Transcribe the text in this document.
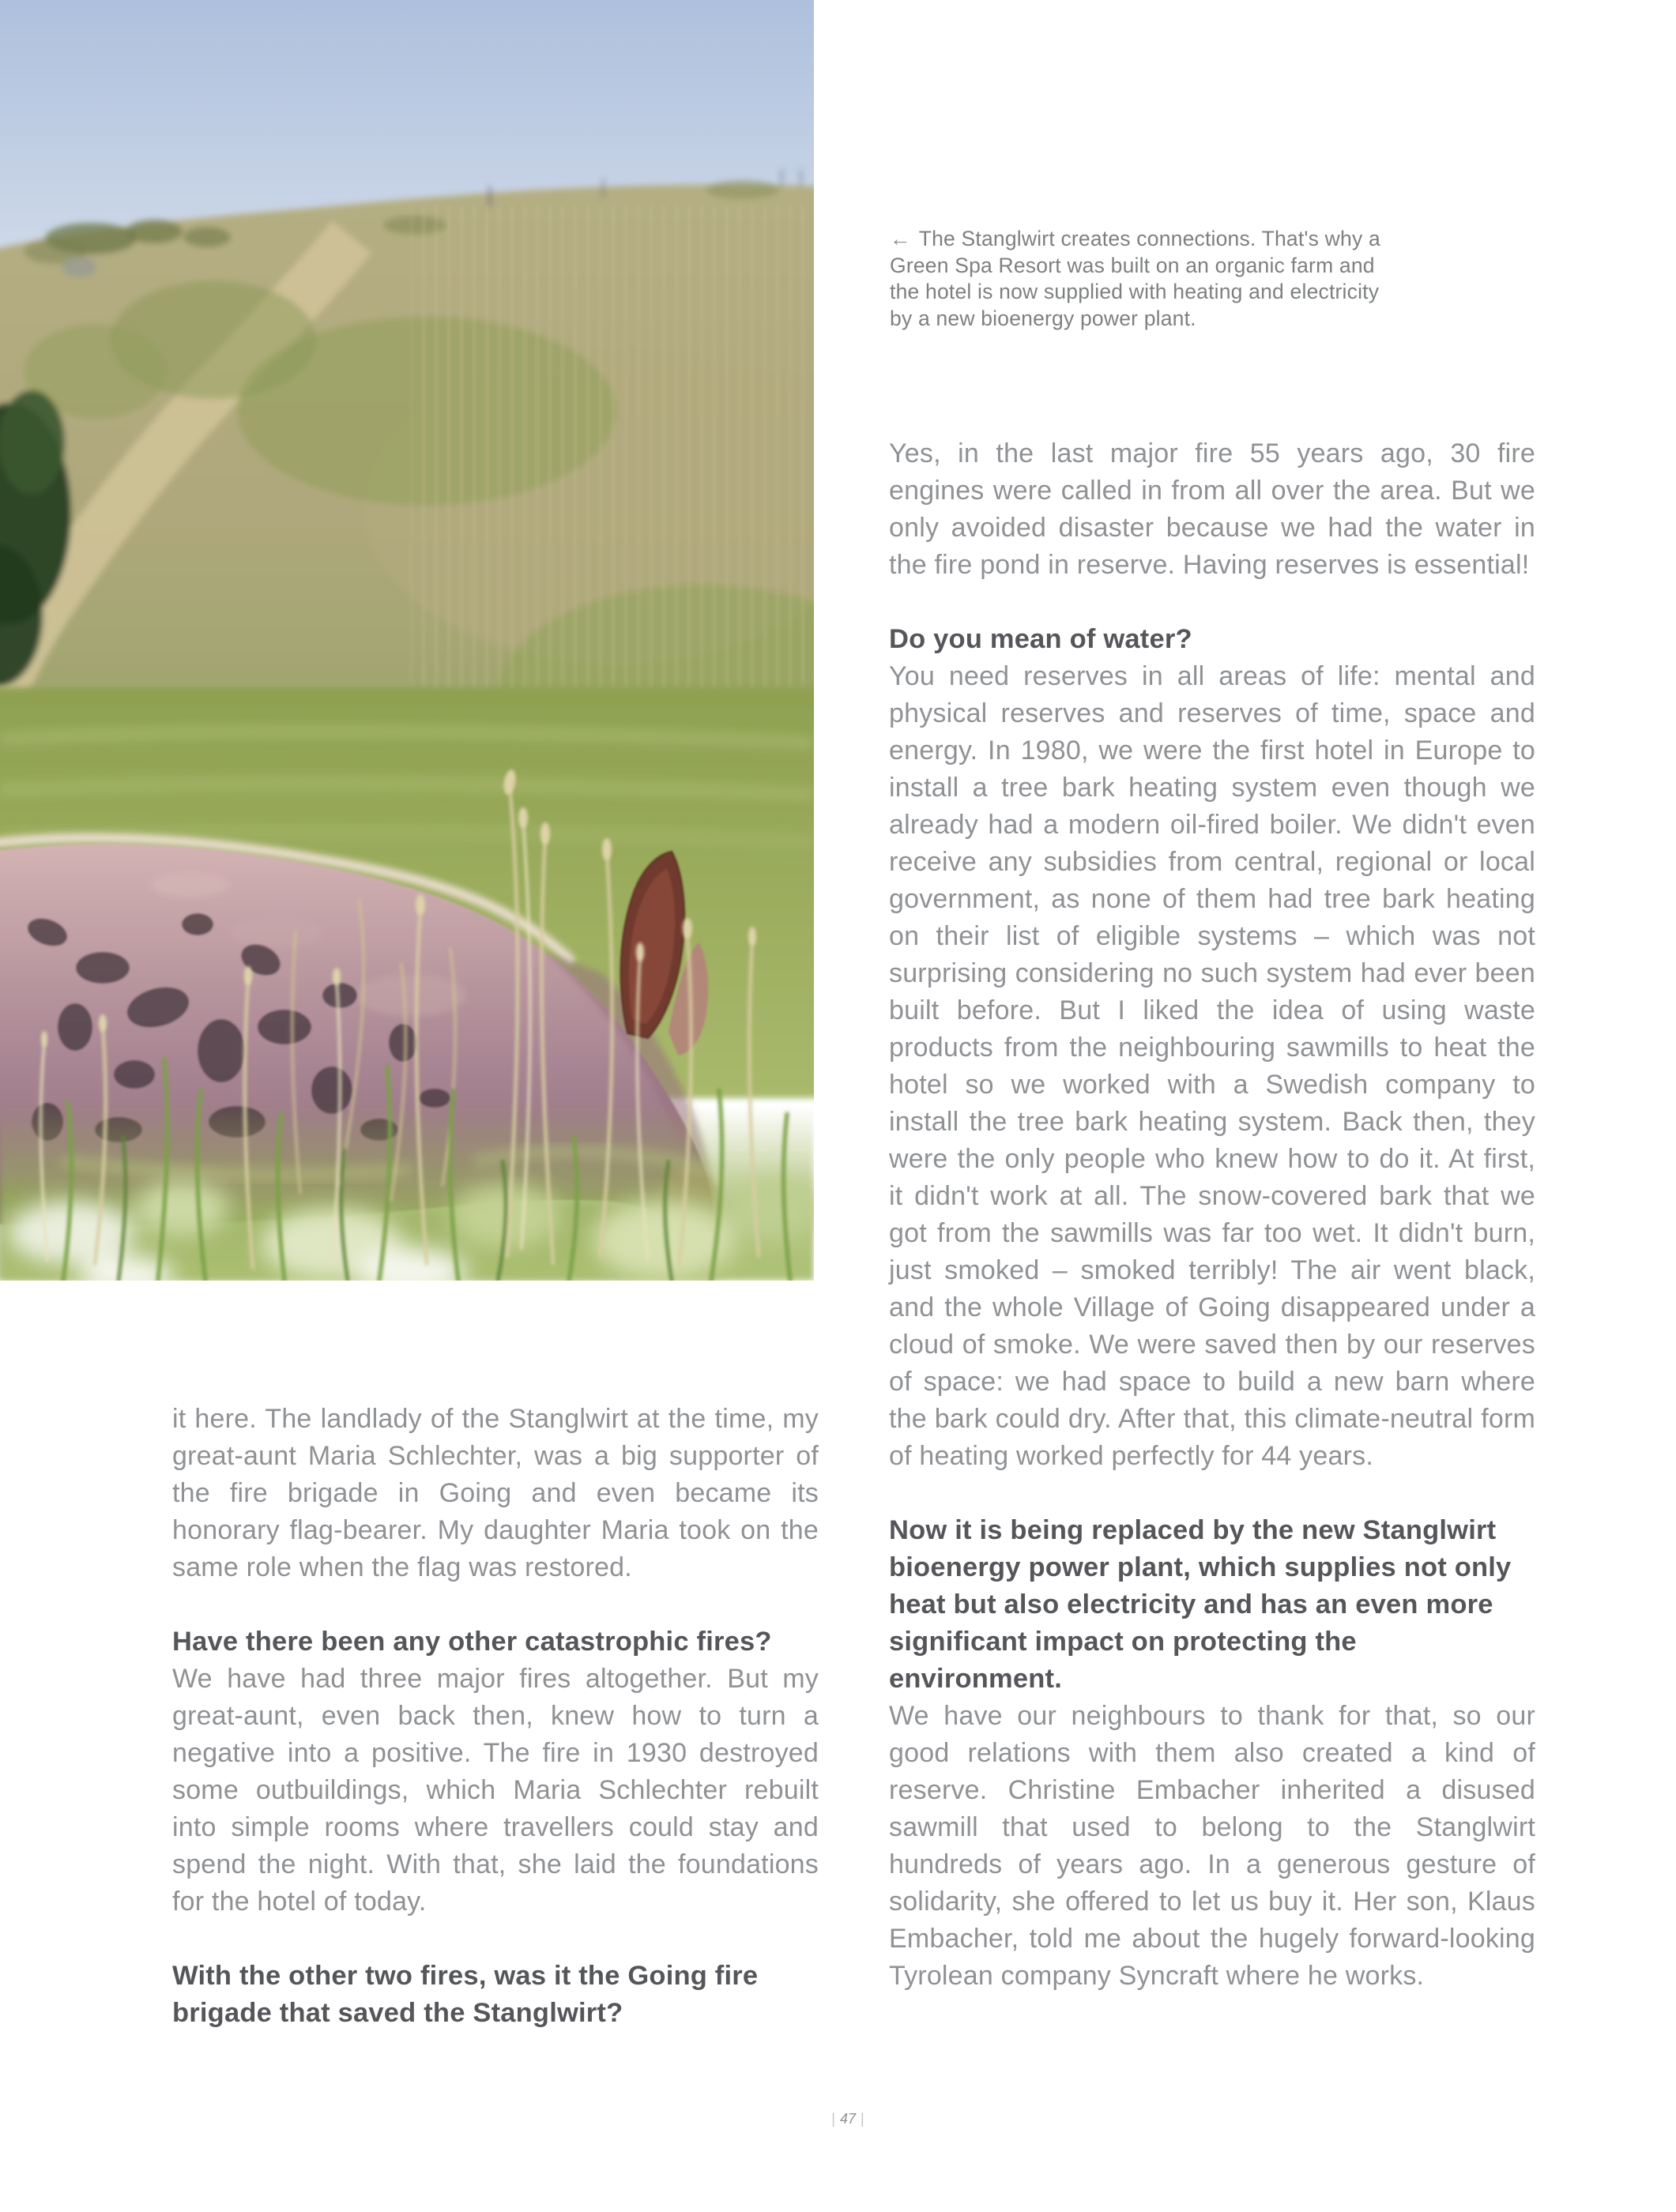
← The Stanglwirt creates connections. That's why a
Green Spa Resort was built on an organic farm and
the hotel is now supplied with heating and electricity
by a new bioenergy power plant.

it here. The landlady of the Stanglwirt at the time, my great-aunt Maria Schlechter, was a big supporter of the fire brigade in Going and even became its honorary flag-bearer. My daughter Maria took on the same role when the flag was restored.

Have there been any other catastrophic fires?

We have had three major fires altogether. But my great-aunt, even back then, knew how to turn a negative into a positive. The fire in 1930 destroyed some outbuildings, which Maria Schlechter rebuilt into simple rooms where travellers could stay and spend the night. With that, she laid the foundations for the hotel of today.

With the other two fires, was it the Going fire brigade that saved the Stanglwirt?

Yes, in the last major fire 55 years ago, 30 fire engines were called in from all over the area. But we only avoided disaster because we had the water in the fire pond in reserve. Having reserves is essential!

Do you mean of water?

You need reserves in all areas of life: mental and physical reserves and reserves of time, space and energy. In 1980, we were the first hotel in Europe to install a tree bark heating system even though we already had a modern oil-fired boiler. We didn't even receive any subsidies from central, regional or local government, as none of them had tree bark heating on their list of eligible systems – which was not surprising considering no such system had ever been built before. But I liked the idea of using waste products from the neighbouring sawmills to heat the hotel so we worked with a Swedish company to install the tree bark heating system. Back then, they were the only people who knew how to do it. At first, it didn't work at all. The snow-covered bark that we got from the sawmills was far too wet. It didn't burn, just smoked – smoked terribly! The air went black, and the whole Village of Going disappeared under a cloud of smoke. We were saved then by our reserves of space: we had space to build a new barn where the bark could dry. After that, this climate-neutral form of heating worked perfectly for 44 years.

Now it is being replaced by the new Stanglwirt bioenergy power plant, which supplies not only heat but also electricity and has an even more significant impact on protecting the environment.

We have our neighbours to thank for that, so our good relations with them also created a kind of reserve. Christine Embacher inherited a disused sawmill that used to belong to the Stanglwirt hundreds of years ago. In a generous gesture of solidarity, she offered to let us buy it. Her son, Klaus Embacher, told me about the hugely forward-looking Tyrolean company Syncraft where he works.

| 47 |
